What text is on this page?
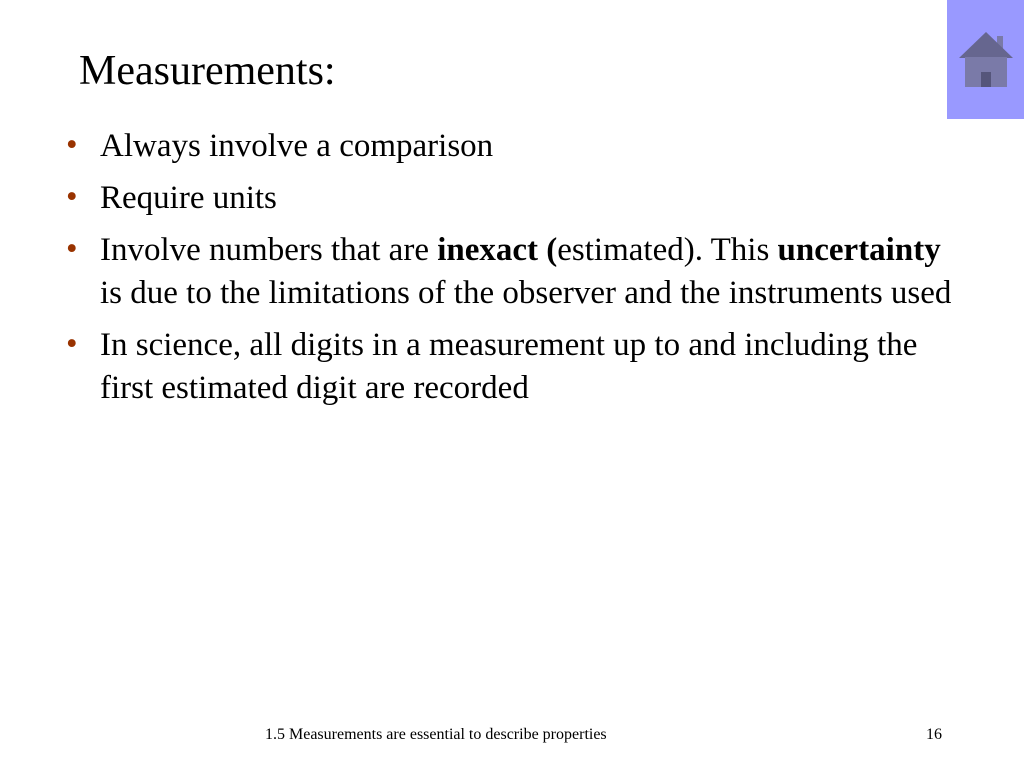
Measurements:
• Always involve a comparison
• Require units
• Involve numbers that are inexact (estimated). This uncertainty is due to the limitations of the observer and the instruments used
• In science, all digits in a measurement up to and including the first estimated digit are recorded
1.5 Measurements are essential to describe properties	16
